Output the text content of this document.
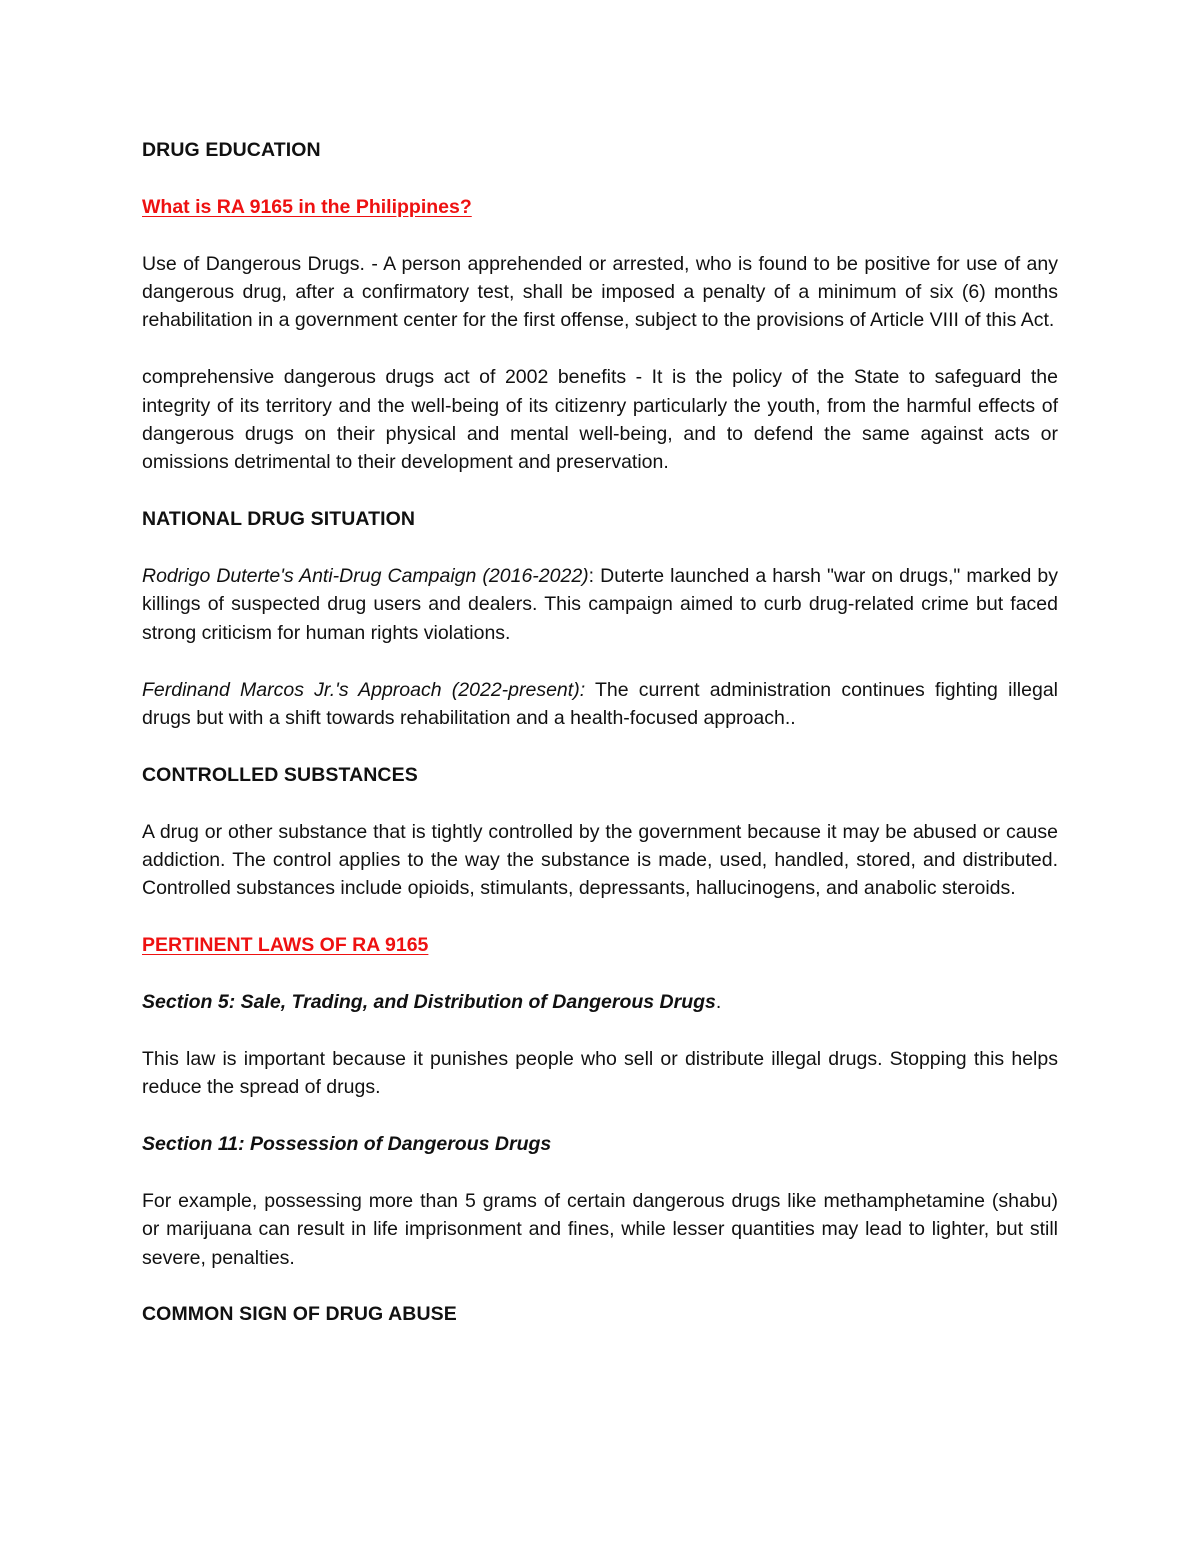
DRUG EDUCATION

What is RA 9165 in the Philippines?

Use of Dangerous Drugs. - A person apprehended or arrested, who is found to be positive for use of any dangerous drug, after a confirmatory test, shall be imposed a penalty of a minimum of six (6) months rehabilitation in a government center for the first offense, subject to the provisions of Article VIII of this Act.

comprehensive dangerous drugs act of 2002 benefits - It is the policy of the State to safeguard the integrity of its territory and the well-being of its citizenry particularly the youth, from the harmful effects of dangerous drugs on their physical and mental well-being, and to defend the same against acts or omissions detrimental to their development and preservation.

NATIONAL DRUG SITUATION

Rodrigo Duterte's Anti-Drug Campaign (2016-2022): Duterte launched a harsh "war on drugs," marked by killings of suspected drug users and dealers. This campaign aimed to curb drug-related crime but faced strong criticism for human rights violations.

Ferdinand Marcos Jr.'s Approach (2022-present): The current administration continues fighting illegal drugs but with a shift towards rehabilitation and a health-focused approach..

CONTROLLED SUBSTANCES

A drug or other substance that is tightly controlled by the government because it may be abused or cause addiction. The control applies to the way the substance is made, used, handled, stored, and distributed. Controlled substances include opioids, stimulants, depressants, hallucinogens, and anabolic steroids.

PERTINENT LAWS OF RA 9165

Section 5: Sale, Trading, and Distribution of Dangerous Drugs.

This law is important because it punishes people who sell or distribute illegal drugs. Stopping this helps reduce the spread of drugs.

Section 11: Possession of Dangerous Drugs

For example, possessing more than 5 grams of certain dangerous drugs like methamphetamine (shabu) or marijuana can result in life imprisonment and fines, while lesser quantities may lead to lighter, but still severe, penalties.

COMMON SIGN OF DRUG ABUSE
